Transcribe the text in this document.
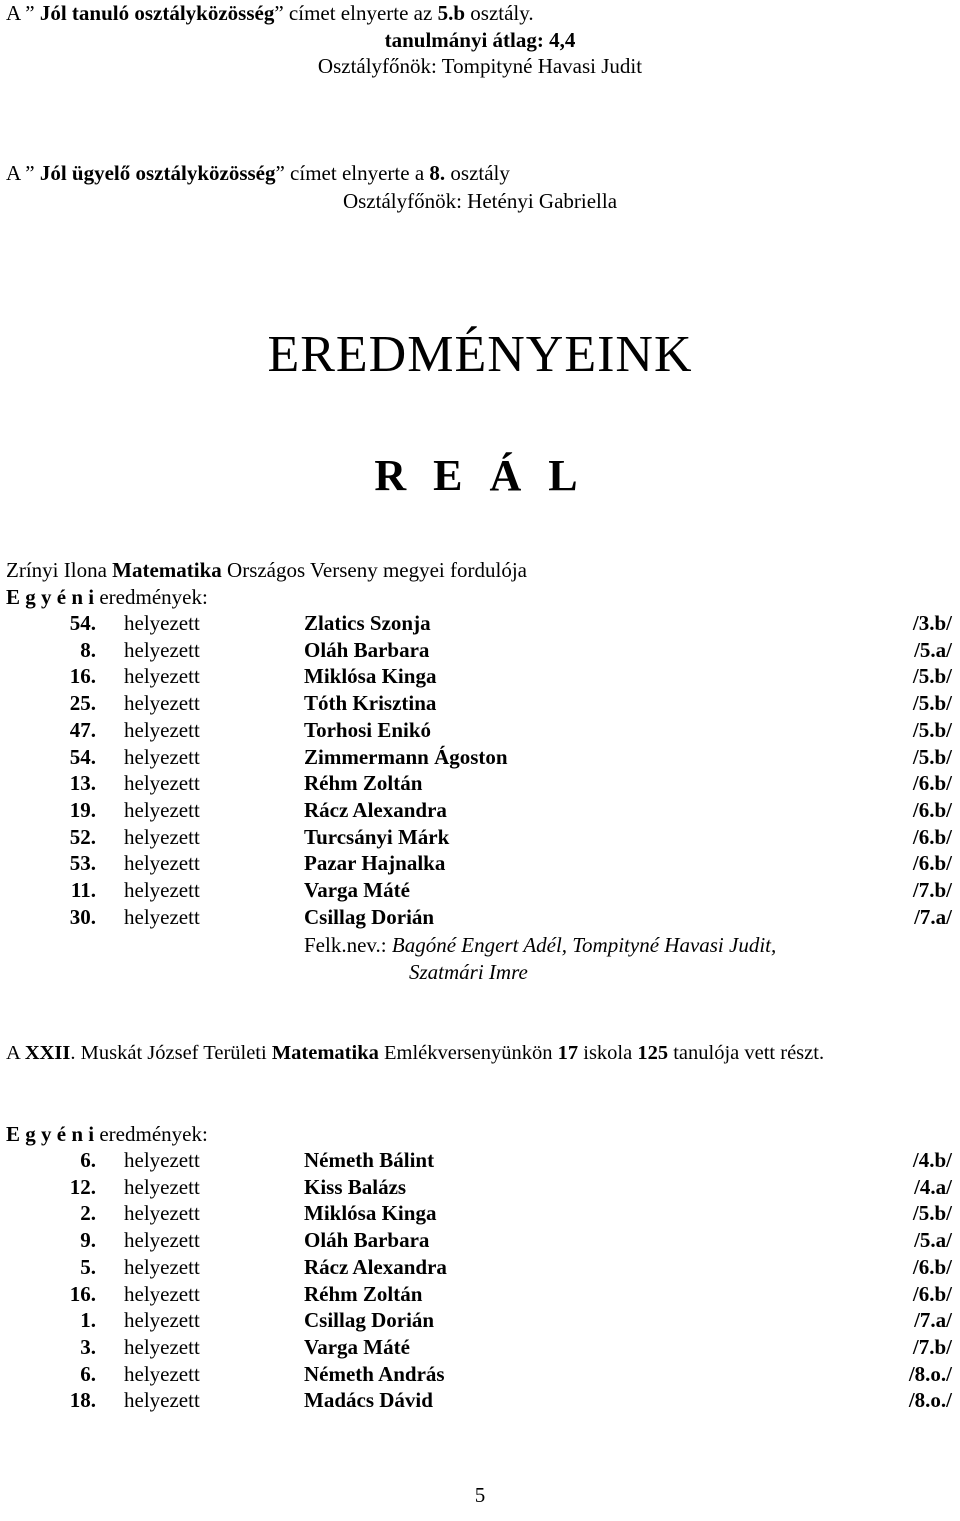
A ” Jól tanuló osztályközösség” címet elnyerte az 5.b osztály.
tanulmányi átlag: 4,4
Osztályfőnök: Tompityné Havasi Judit
A ” Jól ügyelő osztályközösség” címet elnyerte a 8. osztály
Osztályfőnök: Hetényi Gabriella
EREDMÉNYEINK
R E Á L
Zrínyi Ilona Matematika Országos Verseny megyei fordulója
E g y é n i eredmények:
54. helyezett	Zlatics Szonja	/3.b/
8. helyezett	Oláh Barbara	/5.a/
16. helyezett	Miklósa Kinga	/5.b/
25. helyezett	Tóth Krisztina	/5.b/
47. helyezett	Torhosi Enikó	/5.b/
54. helyezett	Zimmermann Ágoston	/5.b/
13. helyezett	Réhm Zoltán	/6.b/
19. helyezett	Rácz Alexandra	/6.b/
52. helyezett	Turcsányi Márk	/6.b/
53. helyezett	Pazar Hajnalka	/6.b/
11. helyezett	Varga Máté	/7.b/
30. helyezett	Csillag Dorián	/7.a/
Felk.nev.: Bagóné Engert Adél, Tompityné Havasi Judit,
Szatmári Imre
A XXII. Muskát József Területi Matematika Emlékversenyünkön 17 iskola 125 tanulója vett részt.
E g y é n i eredmények:
6. helyezett	Németh Bálint	/4.b/
12. helyezett	Kiss Balázs	/4.a/
2. helyezett	Miklósa Kinga	/5.b/
9. helyezett	Oláh Barbara	/5.a/
5. helyezett	Rácz Alexandra	/6.b/
16. helyezett	Réhm Zoltán	/6.b/
1. helyezett	Csillag Dorián	/7.a/
3. helyezett	Varga Máté	/7.b/
6. helyezett	Németh András	/8.o./
18. helyezett	Madács Dávid	/8.o./
5
